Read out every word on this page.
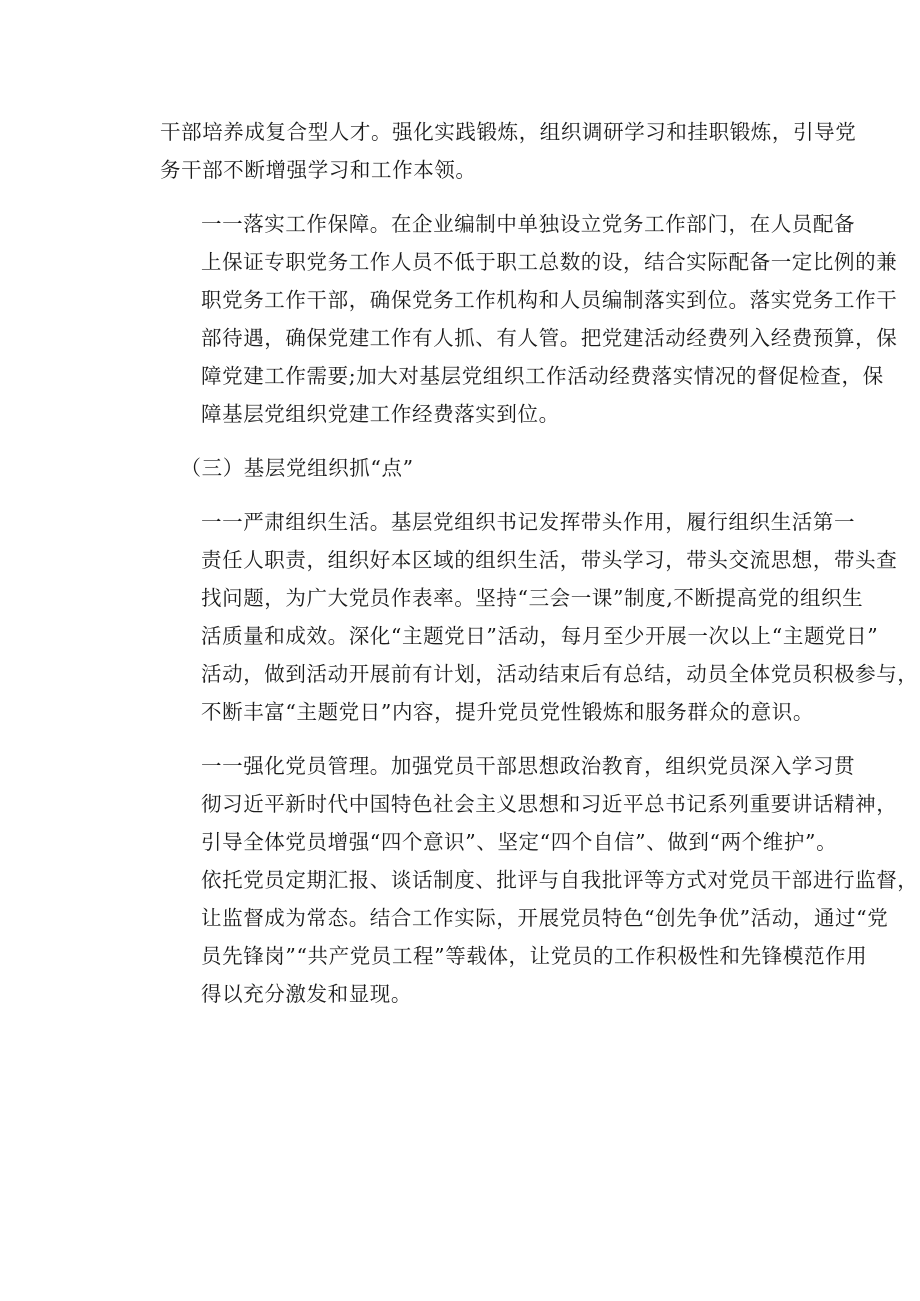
干部培养成复合型人才。强化实践锻炼，组织调研学习和挂职锻炼，引导党
务干部不断增强学习和工作本领。
一一落实工作保障。在企业编制中单独设立党务工作部门，在人员配备
上保证专职党务工作人员不低于职工总数的设，结合实际配备一定比例的兼
职党务工作干部，确保党务工作机构和人员编制落实到位。落实党务工作干
部待遇，确保党建工作有人抓、有人管。把党建活动经费列入经费预算，保
障党建工作需要;加大对基层党组织工作活动经费落实情况的督促检查，保
障基层党组织党建工作经费落实到位。
（三）基层党组织抓“点”
一一严肃组织生活。基层党组织书记发挥带头作用，履行组织生活第一
责任人职责，组织好本区域的组织生活，带头学习，带头交流思想，带头查
找问题，为广大党员作表率。坚持“三会一课”制度,不断提高党的组织生
活质量和成效。深化“主题党日”活动，每月至少开展一次以上“主题党日”
活动，做到活动开展前有计划，活动结束后有总结，动员全体党员积极参与，
不断丰富“主题党日”内容，提升党员党性锻炼和服务群众的意识。
一一强化党员管理。加强党员干部思想政治教育，组织党员深入学习贯
彻习近平新时代中国特色社会主义思想和习近平总书记系列重要讲话精神，
引导全体党员增强“四个意识”、坚定“四个自信”、做到“两个维护”。
依托党员定期汇报、谈话制度、批评与自我批评等方式对党员干部进行监督，
让监督成为常态。结合工作实际，开展党员特色“创先争优”活动，通过“党
员先锋岗”“共产党员工程”等载体，让党员的工作积极性和先锋模范作用
得以充分激发和显现。
